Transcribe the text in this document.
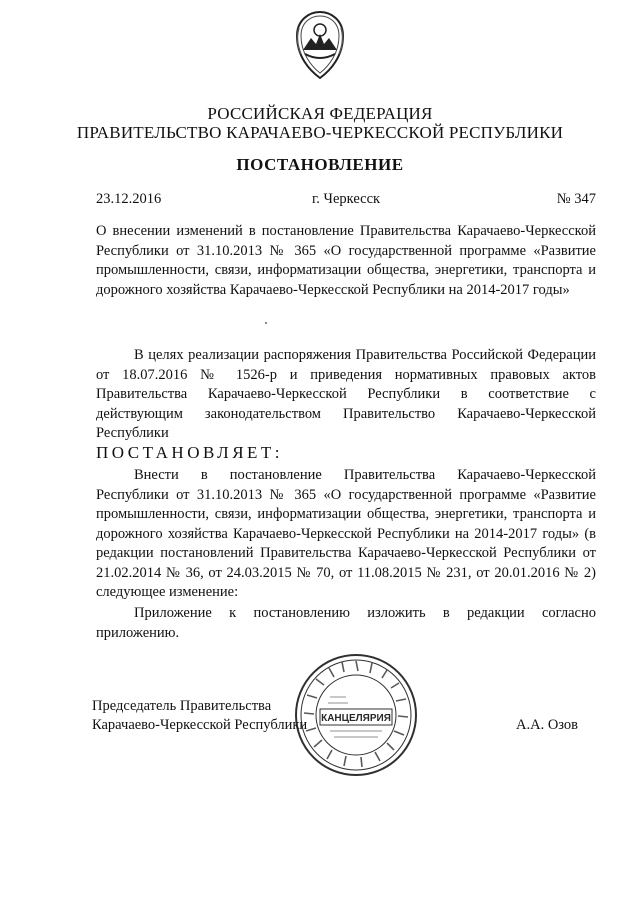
РОССИЙСКАЯ ФЕДЕРАЦИЯ
ПРАВИТЕЛЬСТВО КАРАЧАЕВО-ЧЕРКЕССКОЙ РЕСПУБЛИКИ
ПОСТАНОВЛЕНИЕ
23.12.2016	г. Черкесск	№ 347

О внесении изменений в постановление Правительства Карачаево-Черкесской Республики от 31.10.2013 № 365 «О государственной программе «Развитие промышленности, связи, информатизации общества, энергетики, транспорта и дорожного хозяйства Карачаево-Черкесской Республики на 2014-2017 годы»

В целях реализации распоряжения Правительства Российской Федерации от 18.07.2016 № 1526-р и приведения нормативных правовых актов Правительства Карачаево-Черкесской Республики в соответствие с действующим законодательством Правительство Карачаево-Черкесской Республики

ПОСТАНОВЛЯЕТ:

Внести в постановление Правительства Карачаево-Черкесской Республики от 31.10.2013 № 365 «О государственной программе «Развитие промышленности, связи, информатизации общества, энергетики, транспорта и дорожного хозяйства Карачаево-Черкесской Республики на 2014-2017 годы» (в редакции постановлений Правительства Карачаево-Черкесской Республики от 21.02.2014 № 36, от 24.03.2015 № 70, от 11.08.2015 № 231, от 20.01.2016 № 2) следующее изменение:

Приложение к постановлению изложить в редакции согласно приложению.

Председатель Правительства
Карачаево-Черкесской Республики	А.А. Озов
КАНЦЕЛЯРИЯ
